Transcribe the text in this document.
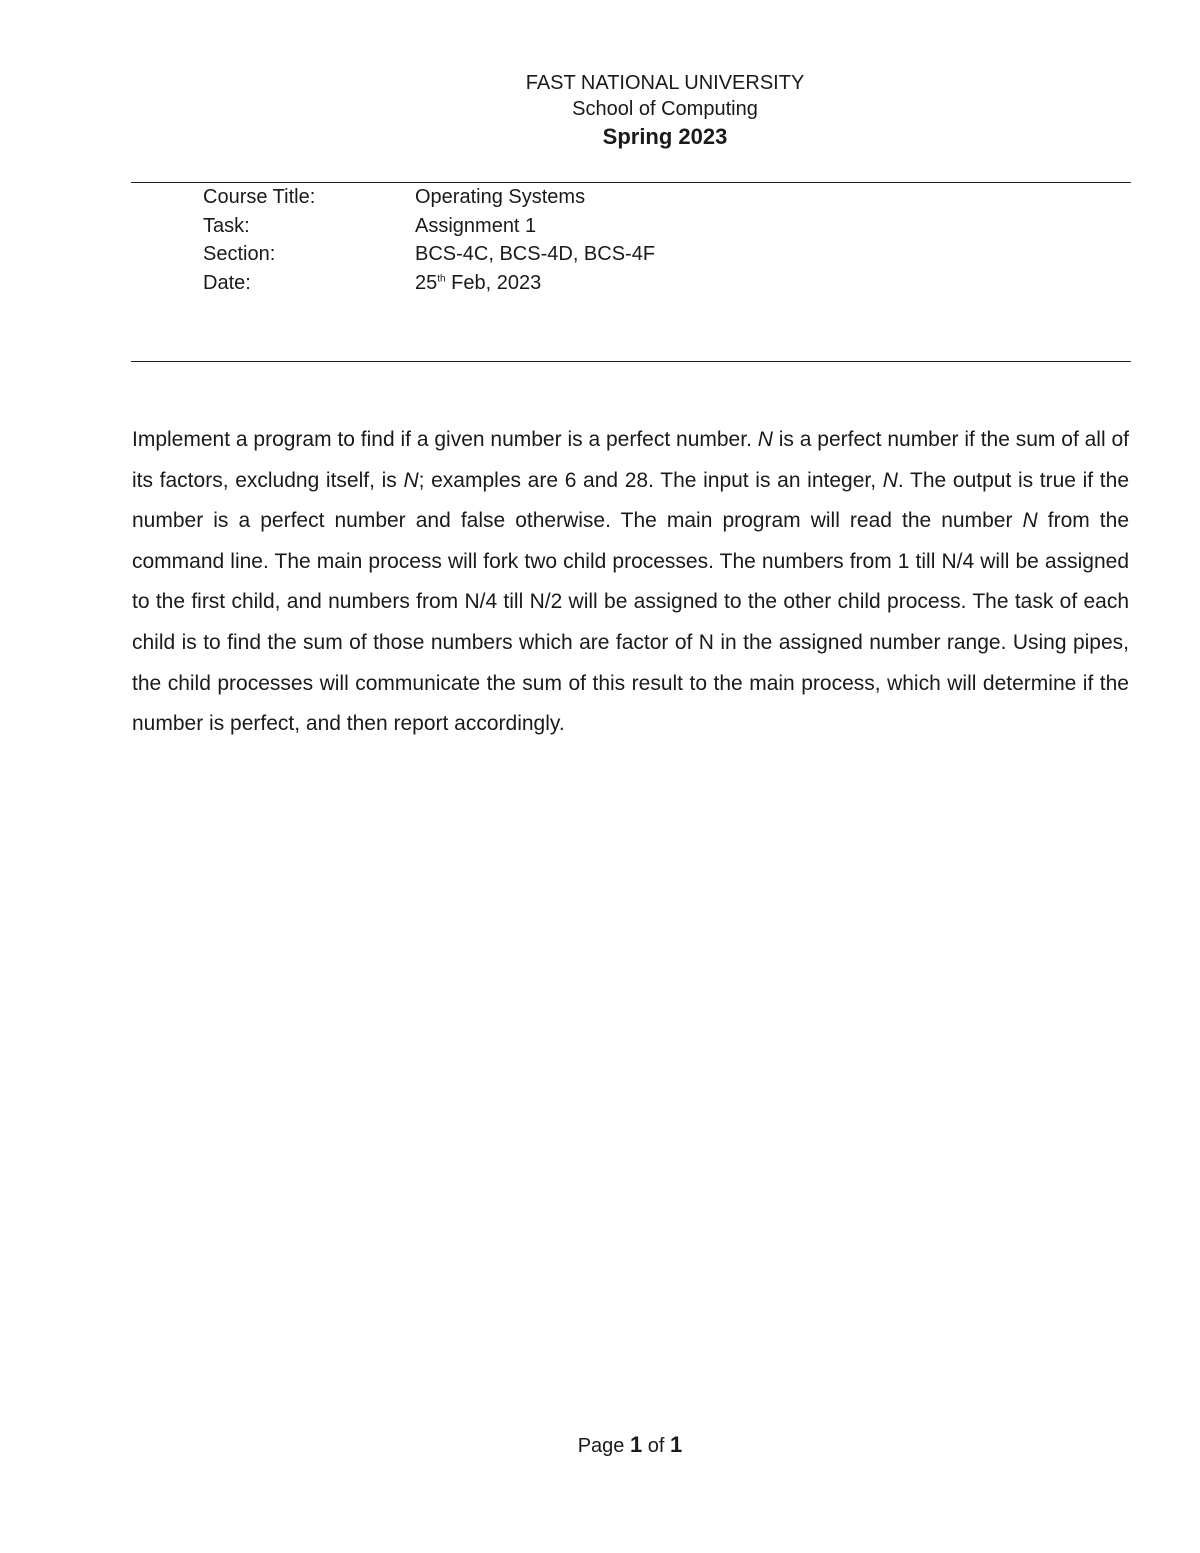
FAST NATIONAL UNIVERSITY
School of Computing
Spring 2023
Course Title:	Operating Systems
Task:	Assignment 1
Section:	BCS-4C, BCS-4D, BCS-4F
Date:	25th Feb, 2023
Implement a program to find if a given number is a perfect number. N is a perfect number if the sum of all of its factors, excludng itself, is N; examples are 6 and 28. The input is an integer, N. The output is true if the number is a perfect number and false otherwise. The main program will read the number N from the command line. The main process will fork two child processes. The numbers from 1 till N/4 will be assigned to the first child, and numbers from N/4 till N/2 will be assigned to the other child process. The task of each child is to find the sum of those numbers which are factor of N in the assigned number range. Using pipes, the child processes will communicate the sum of this result to the main process, which will determine if the number is perfect, and then report accordingly.
Page 1 of 1
